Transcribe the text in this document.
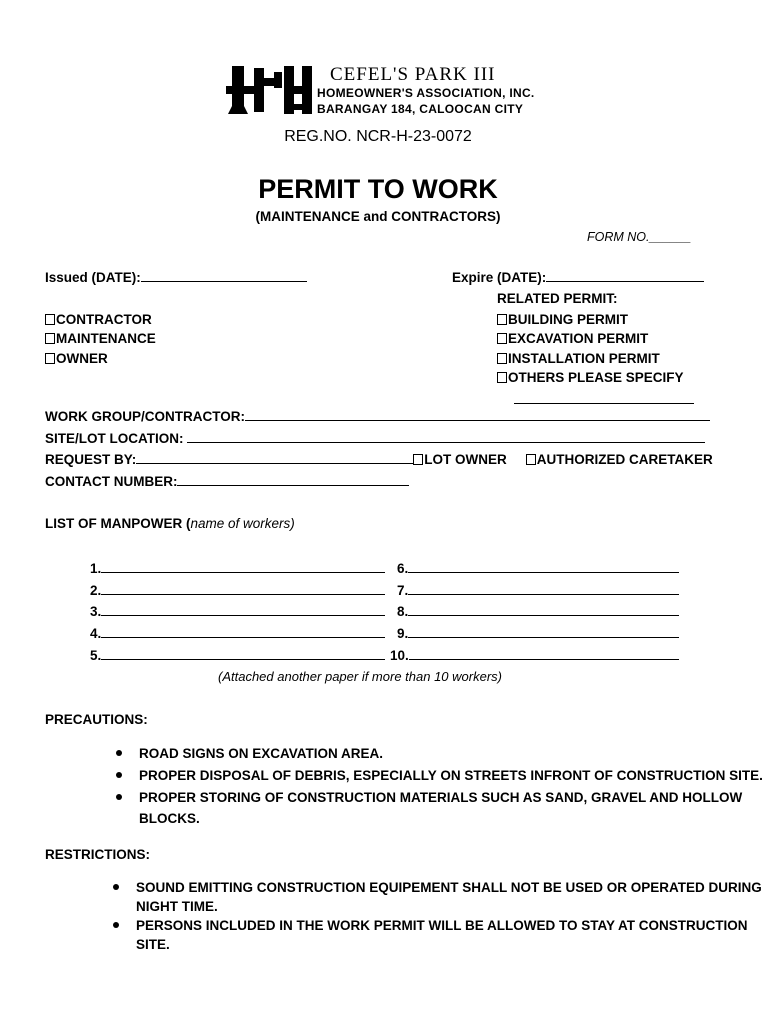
CEFEL'S PARK III
HOMEOWNER'S ASSOCIATION, INC.
BARANGAY 184, CALOOCAN CITY
REG.NO. NCR-H-23-0072
PERMIT TO WORK
(MAINTENANCE and CONTRACTORS)
FORM NO.______
Issued (DATE):	Expire (DATE):
RELATED PERMIT:
CONTRACTOR
MAINTENANCE
OWNER
BUILDING PERMIT
EXCAVATION PERMIT
INSTALLATION PERMIT
OTHERS PLEASE SPECIFY
WORK GROUP/CONTRACTOR:
SITE/LOT LOCATION:
REQUEST BY:	LOT OWNER AUTHORIZED CARETAKER
CONTACT NUMBER:
LIST OF MANPOWER (name of workers)
1.
2.
3.
4.
5.
6.
7.
8.
9.
10.
(Attached another paper if more than 10 workers)
PRECAUTIONS:
ROAD SIGNS ON EXCAVATION AREA.
PROPER DISPOSAL OF DEBRIS, ESPECIALLY ON STREETS INFRONT OF CONSTRUCTION SITE.
PROPER STORING OF CONSTRUCTION MATERIALS SUCH AS SAND, GRAVEL AND HOLLOW
BLOCKS.
RESTRICTIONS:
SOUND EMITTING CONSTRUCTION EQUIPEMENT SHALL NOT BE USED OR OPERATED DURING
NIGHT TIME.
PERSONS INCLUDED IN THE WORK PERMIT WILL BE ALLOWED TO STAY AT CONSTRUCTION
SITE.
